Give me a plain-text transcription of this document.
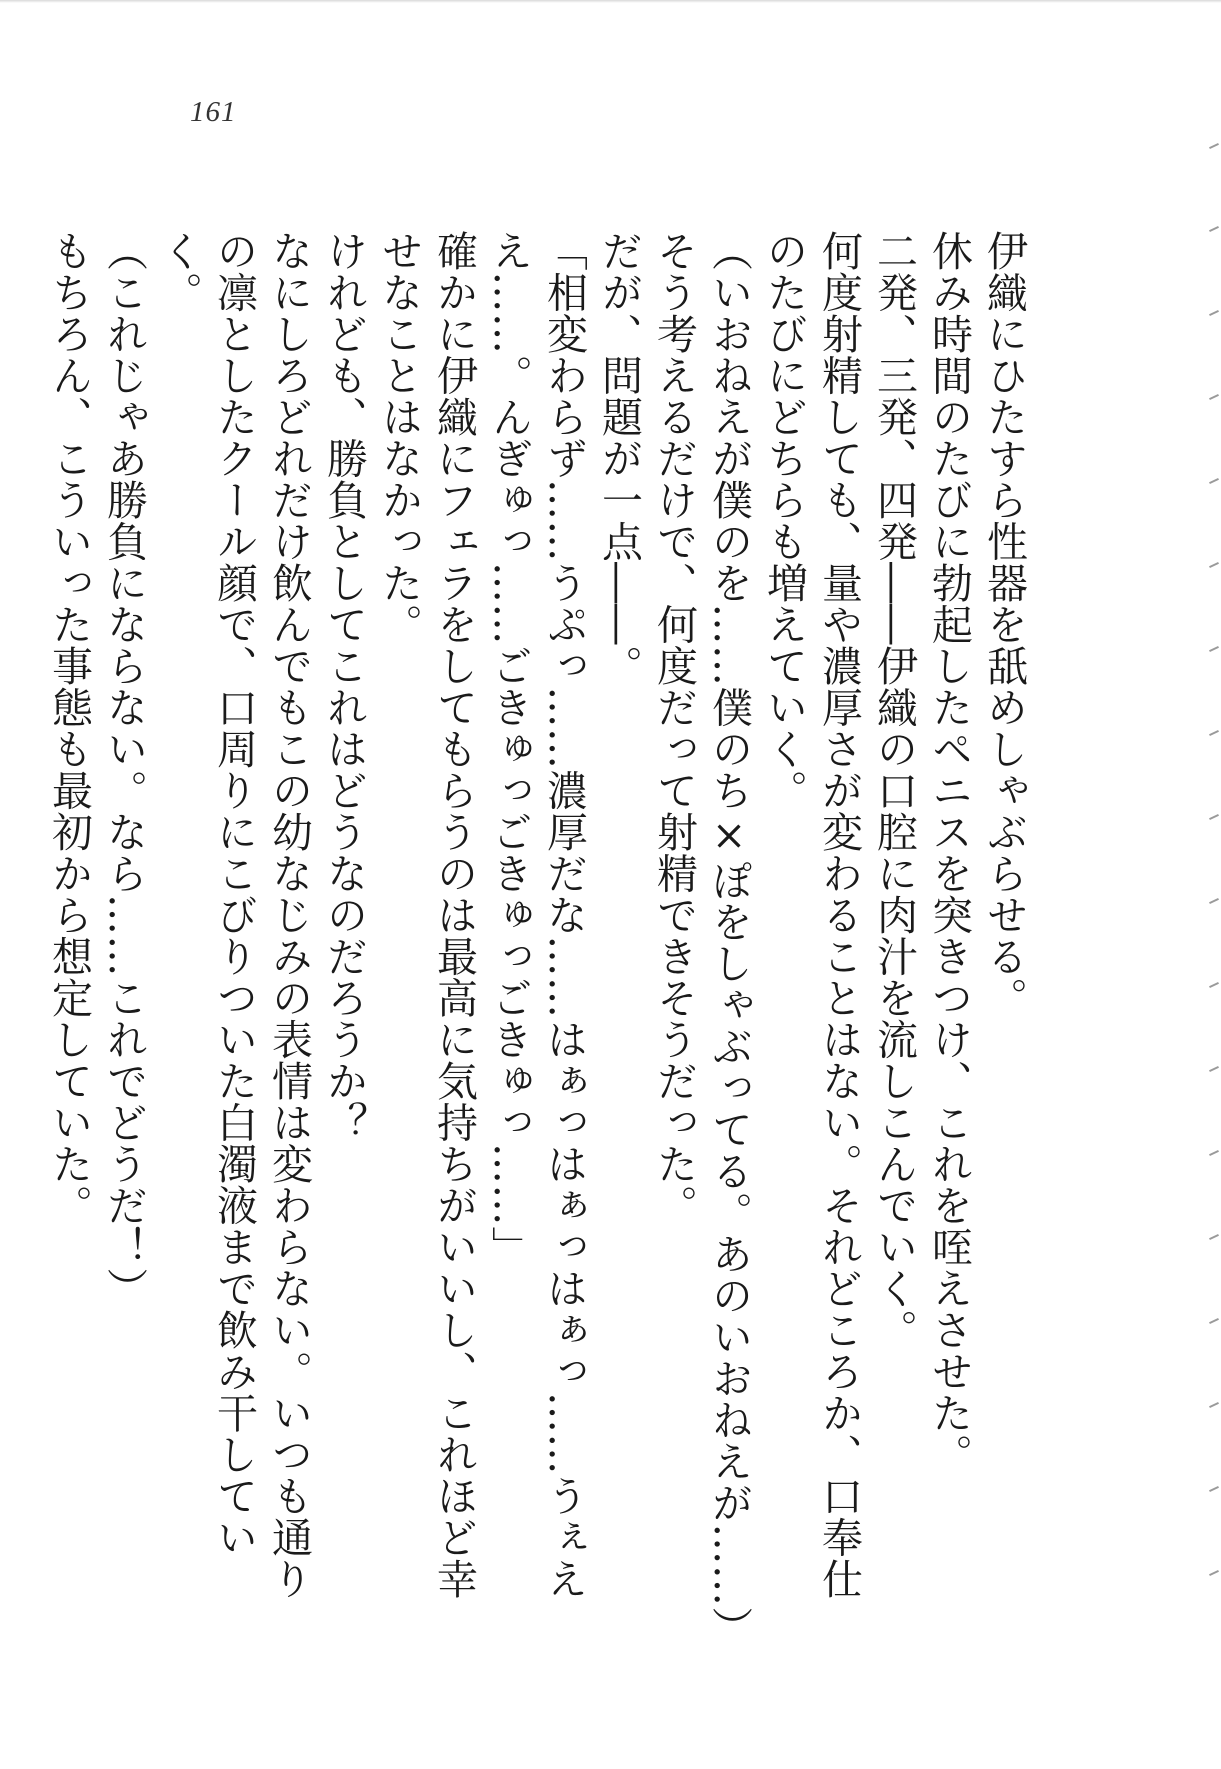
161

伊織にひたすら性器を舐めしゃぶらせる。

休み時間のたびに勃起したペニスを突きつけ、これを咥えさせた。

二発、三発、四発――伊織の口腔に肉汁を流しこんでいく。

何度射精しても、量や濃厚さが変わることはない。それどころか、口奉仕のたびにどちらも増えていく。

（いおねえが僕のを……僕のち×ぽをしゃぶってる。あのいおねえが……）

そう考えるだけで、何度だって射精できそうだった。

だが、問題が一点――。

「相変わらず……うぷっ……濃厚だな……はぁっはぁっはぁっ……うぇええ……。んぎゅっ……ごきゅっごきゅっごきゅっ……」

確かに伊織にフェラをしてもらうのは最高に気持ちがいいし、これほど幸せなことはなかった。

けれども、勝負としてこれはどうなのだろうか？

なにしろどれだけ飲んでもこの幼なじみの表情は変わらない。いつも通りの凛としたクール顔で、口周りにこびりついた白濁液まで飲み干していく。

（これじゃあ勝負にならない。なら……これでどうだ！）

もちろん、こういった事態も最初から想定していた。
